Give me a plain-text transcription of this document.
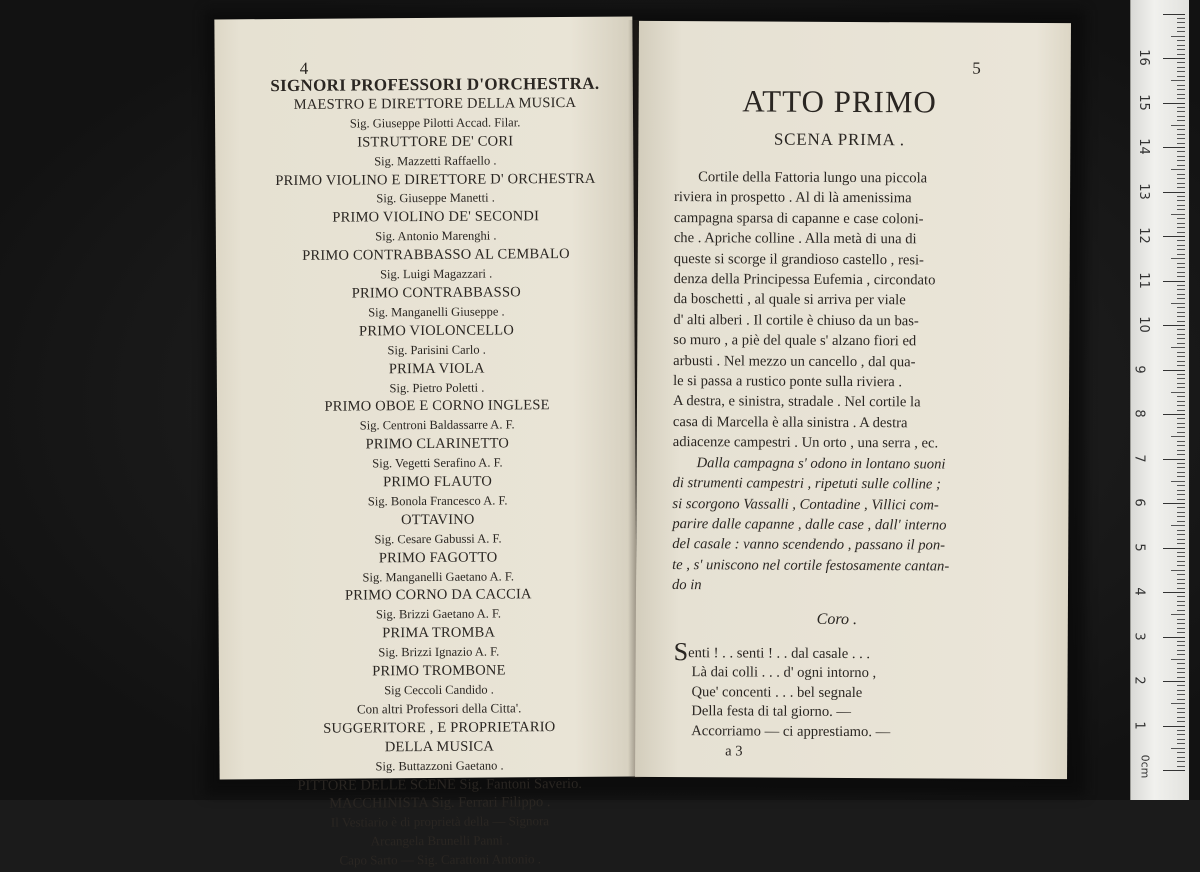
4
SIGNORI PROFESSORI D'ORCHESTRA.
MAESTRO E DIRETTORE DELLA MUSICA
Sig. Giuseppe Pilotti Accad. Filar.
ISTRUTTORE DE' CORI
Sig. Mazzetti Raffaello .
PRIMO VIOLINO E DIRETTORE D' ORCHESTRA
Sig. Giuseppe Manetti .
PRIMO VIOLINO DE' SECONDI
Sig. Antonio Marenghi .
PRIMO CONTRABBASSO AL CEMBALO
Sig. Luigi Magazzari .
PRIMO CONTRABBASSO
Sig. Manganelli Giuseppe .
PRIMO VIOLONCELLO
Sig. Parisini Carlo .
PRIMA VIOLA
Sig. Pietro Poletti .
PRIMO OBOE E CORNO INGLESE
Sig. Centroni Baldassarre A. F.
PRIMO CLARINETTO
Sig. Vegetti Serafino A. F.
PRIMO FLAUTO
Sig. Bonola Francesco A. F.
OTTAVINO
Sig. Cesare Gabussi A. F.
PRIMO FAGOTTO
Sig. Manganelli Gaetano A. F.
PRIMO CORNO DA CACCIA
Sig. Brizzi Gaetano A. F.
PRIMA TROMBA
Sig. Brizzi Ignazio A. F.
PRIMO TROMBONE
Sig Ceccoli Candido .
Con altri Professori della Citta'.
SUGGERITORE , E PROPRIETARIO
DELLA MUSICA
Sig. Buttazzoni Gaetano .
PITTORE DELLE SCENE Sig. Fantoni Saverio.
MACCHINISTA Sig. Ferrari Filippo .
Il Vestiario è di proprietà della — Signora
Arcangela Brunelli Panni .
Capo Sarto — Sig. Carattoni Antonio .
5
ATTO PRIMO
SCENA PRIMA .
Cortile della Fattoria lungo una piccola
riviera in prospetto . Al di là amenissima
campagna sparsa di capanne e case coloni-
che . Apriche colline . Alla metà di una di
queste si scorge il grandioso castello , resi-
denza della Principessa Eufemia , circondato
da boschetti , al quale si arriva per viale
d' alti alberi . Il cortile è chiuso da un bas-
so muro , a piè del quale s' alzano fiori ed
arbusti . Nel mezzo un cancello , dal qua-
le si passa a rustico ponte sulla riviera .
A destra, e sinistra, stradale . Nel cortile la
casa di Marcella è alla sinistra . A destra
adiacenze campestri . Un orto , una serra , ec.
Dalla campagna s' odono in lontano suoni
di strumenti campestri , ripetuti sulle colline ;
si scorgono Vassalli , Contadine , Villici com-
parire dalle capanne , dalle case , dall' interno
del casale : vanno scendendo , passano il pon-
te , s' uniscono nel cortile festosamente cantan-
do in
Coro .
Senti ! . . senti ! . . dal casale . . .
Là dai colli . . . d' ogni intorno ,
Que' concenti . . . bel segnale
Della festa di tal giorno. —
Accorriamo — ci apprestiamo. —
a 3
0cm
1
2
3
4
5
6
7
8
9
10
11
12
13
14
15
16
